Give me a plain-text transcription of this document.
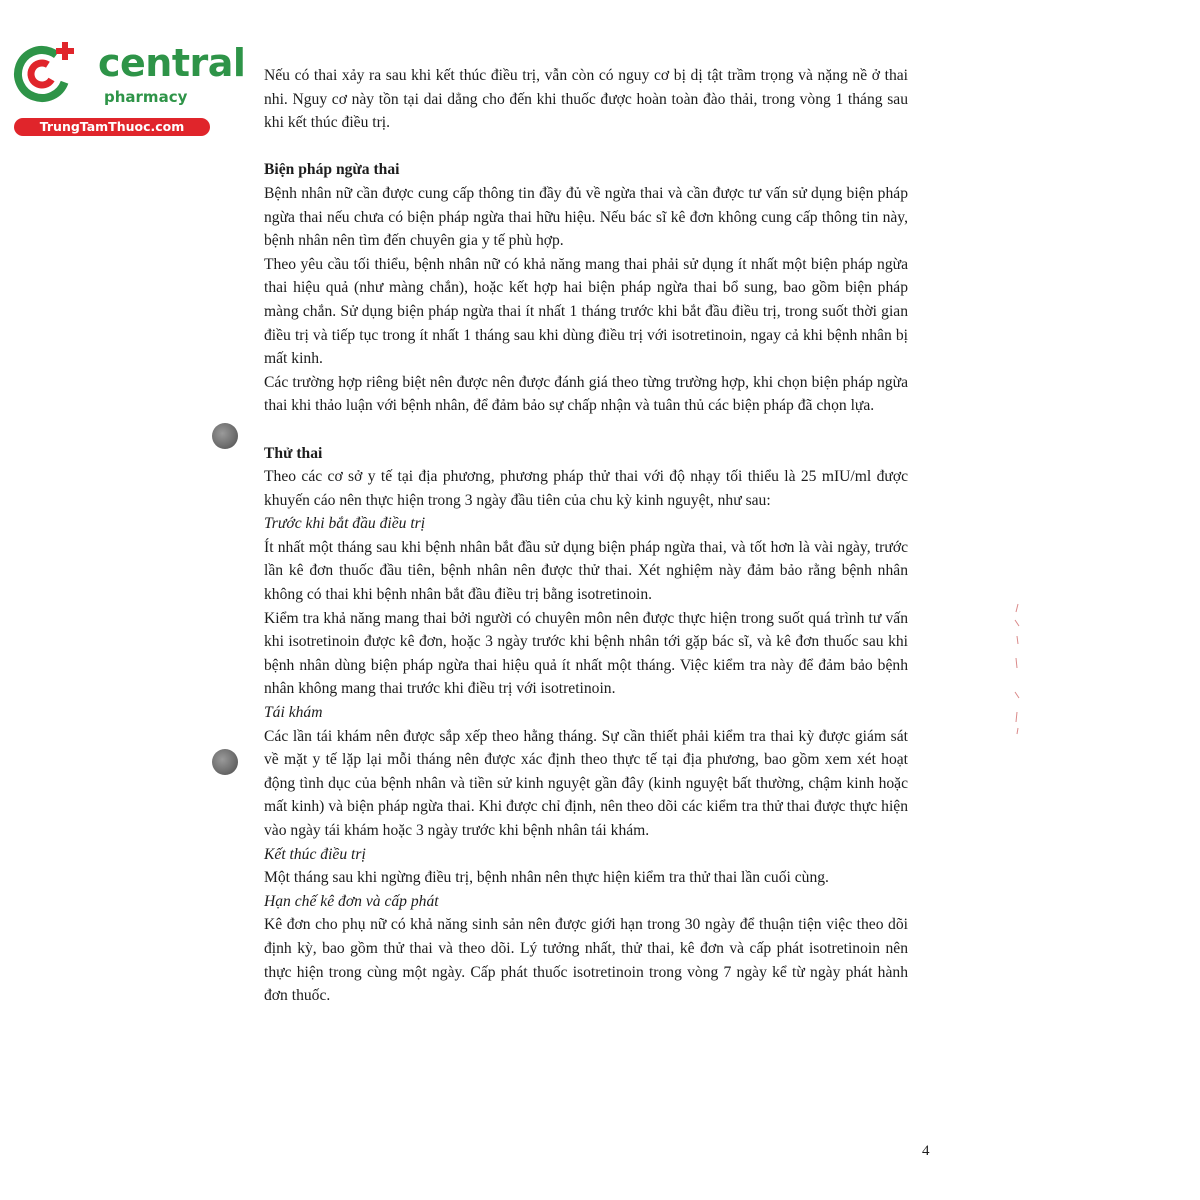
central
pharmacy
TrungTamThuoc.com

Nếu có thai xảy ra sau khi kết thúc điều trị, vẫn còn có nguy cơ bị dị tật trầm trọng và nặng nề ở thai nhi. Nguy cơ này tồn tại dai dẳng cho đến khi thuốc được hoàn toàn đào thải, trong vòng 1 tháng sau khi kết thúc điều trị.

Biện pháp ngừa thai

Bệnh nhân nữ cần được cung cấp thông tin đầy đủ về ngừa thai và cần được tư vấn sử dụng biện pháp ngừa thai nếu chưa có biện pháp ngừa thai hữu hiệu. Nếu bác sĩ kê đơn không cung cấp thông tin này, bệnh nhân nên tìm đến chuyên gia y tế phù hợp.

Theo yêu cầu tối thiểu, bệnh nhân nữ có khả năng mang thai phải sử dụng ít nhất một biện pháp ngừa thai hiệu quả (như màng chắn), hoặc kết hợp hai biện pháp ngừa thai bổ sung, bao gồm biện pháp màng chắn. Sử dụng biện pháp ngừa thai ít nhất 1 tháng trước khi bắt đầu điều trị, trong suốt thời gian điều trị và tiếp tục trong ít nhất 1 tháng sau khi dùng điều trị với isotretinoin, ngay cả khi bệnh nhân bị mất kinh.

Các trường hợp riêng biệt nên được nên được đánh giá theo từng trường hợp, khi chọn biện pháp ngừa thai khi thảo luận với bệnh nhân, để đảm bảo sự chấp nhận và tuân thủ các biện pháp đã chọn lựa.

Thử thai

Theo các cơ sở y tế tại địa phương, phương pháp thử thai với độ nhạy tối thiểu là 25 mIU/ml được khuyến cáo nên thực hiện trong 3 ngày đầu tiên của chu kỳ kinh nguyệt, như sau:

Trước khi bắt đầu điều trị

Ít nhất một tháng sau khi bệnh nhân bắt đầu sử dụng biện pháp ngừa thai, và tốt hơn là vài ngày, trước lần kê đơn thuốc đầu tiên, bệnh nhân nên được thử thai. Xét nghiệm này đảm bảo rằng bệnh nhân không có thai khi bệnh nhân bắt đầu điều trị bằng isotretinoin.

Kiểm tra khả năng mang thai bởi người có chuyên môn nên được thực hiện trong suốt quá trình tư vấn khi isotretinoin được kê đơn, hoặc 3 ngày trước khi bệnh nhân tới gặp bác sĩ, và kê đơn thuốc sau khi bệnh nhân dùng biện pháp ngừa thai hiệu quả ít nhất một tháng. Việc kiểm tra này để đảm bảo bệnh nhân không mang thai trước khi điều trị với isotretinoin.

Tái khám

Các lần tái khám nên được sắp xếp theo hằng tháng. Sự cần thiết phải kiểm tra thai kỳ được giám sát về mặt y tế lặp lại mỗi tháng nên được xác định theo thực tế tại địa phương, bao gồm xem xét hoạt động tình dục của bệnh nhân và tiền sử kinh nguyệt gần đây (kinh nguyệt bất thường, chậm kinh hoặc mất kinh) và biện pháp ngừa thai. Khi được chỉ định, nên theo dõi các kiểm tra thử thai được thực hiện vào ngày tái khám hoặc 3 ngày trước khi bệnh nhân tái khám.

Kết thúc điều trị

Một tháng sau khi ngừng điều trị, bệnh nhân nên thực hiện kiểm tra thử thai lần cuối cùng.

Hạn chế kê đơn và cấp phát

Kê đơn cho phụ nữ có khả năng sinh sản nên được giới hạn trong 30 ngày để thuận tiện việc theo dõi định kỳ, bao gồm thử thai và theo dõi. Lý tưởng nhất, thử thai, kê đơn và cấp phát isotretinoin nên thực hiện trong cùng một ngày. Cấp phát thuốc isotretinoin trong vòng 7 ngày kể từ ngày phát hành đơn thuốc.

4
